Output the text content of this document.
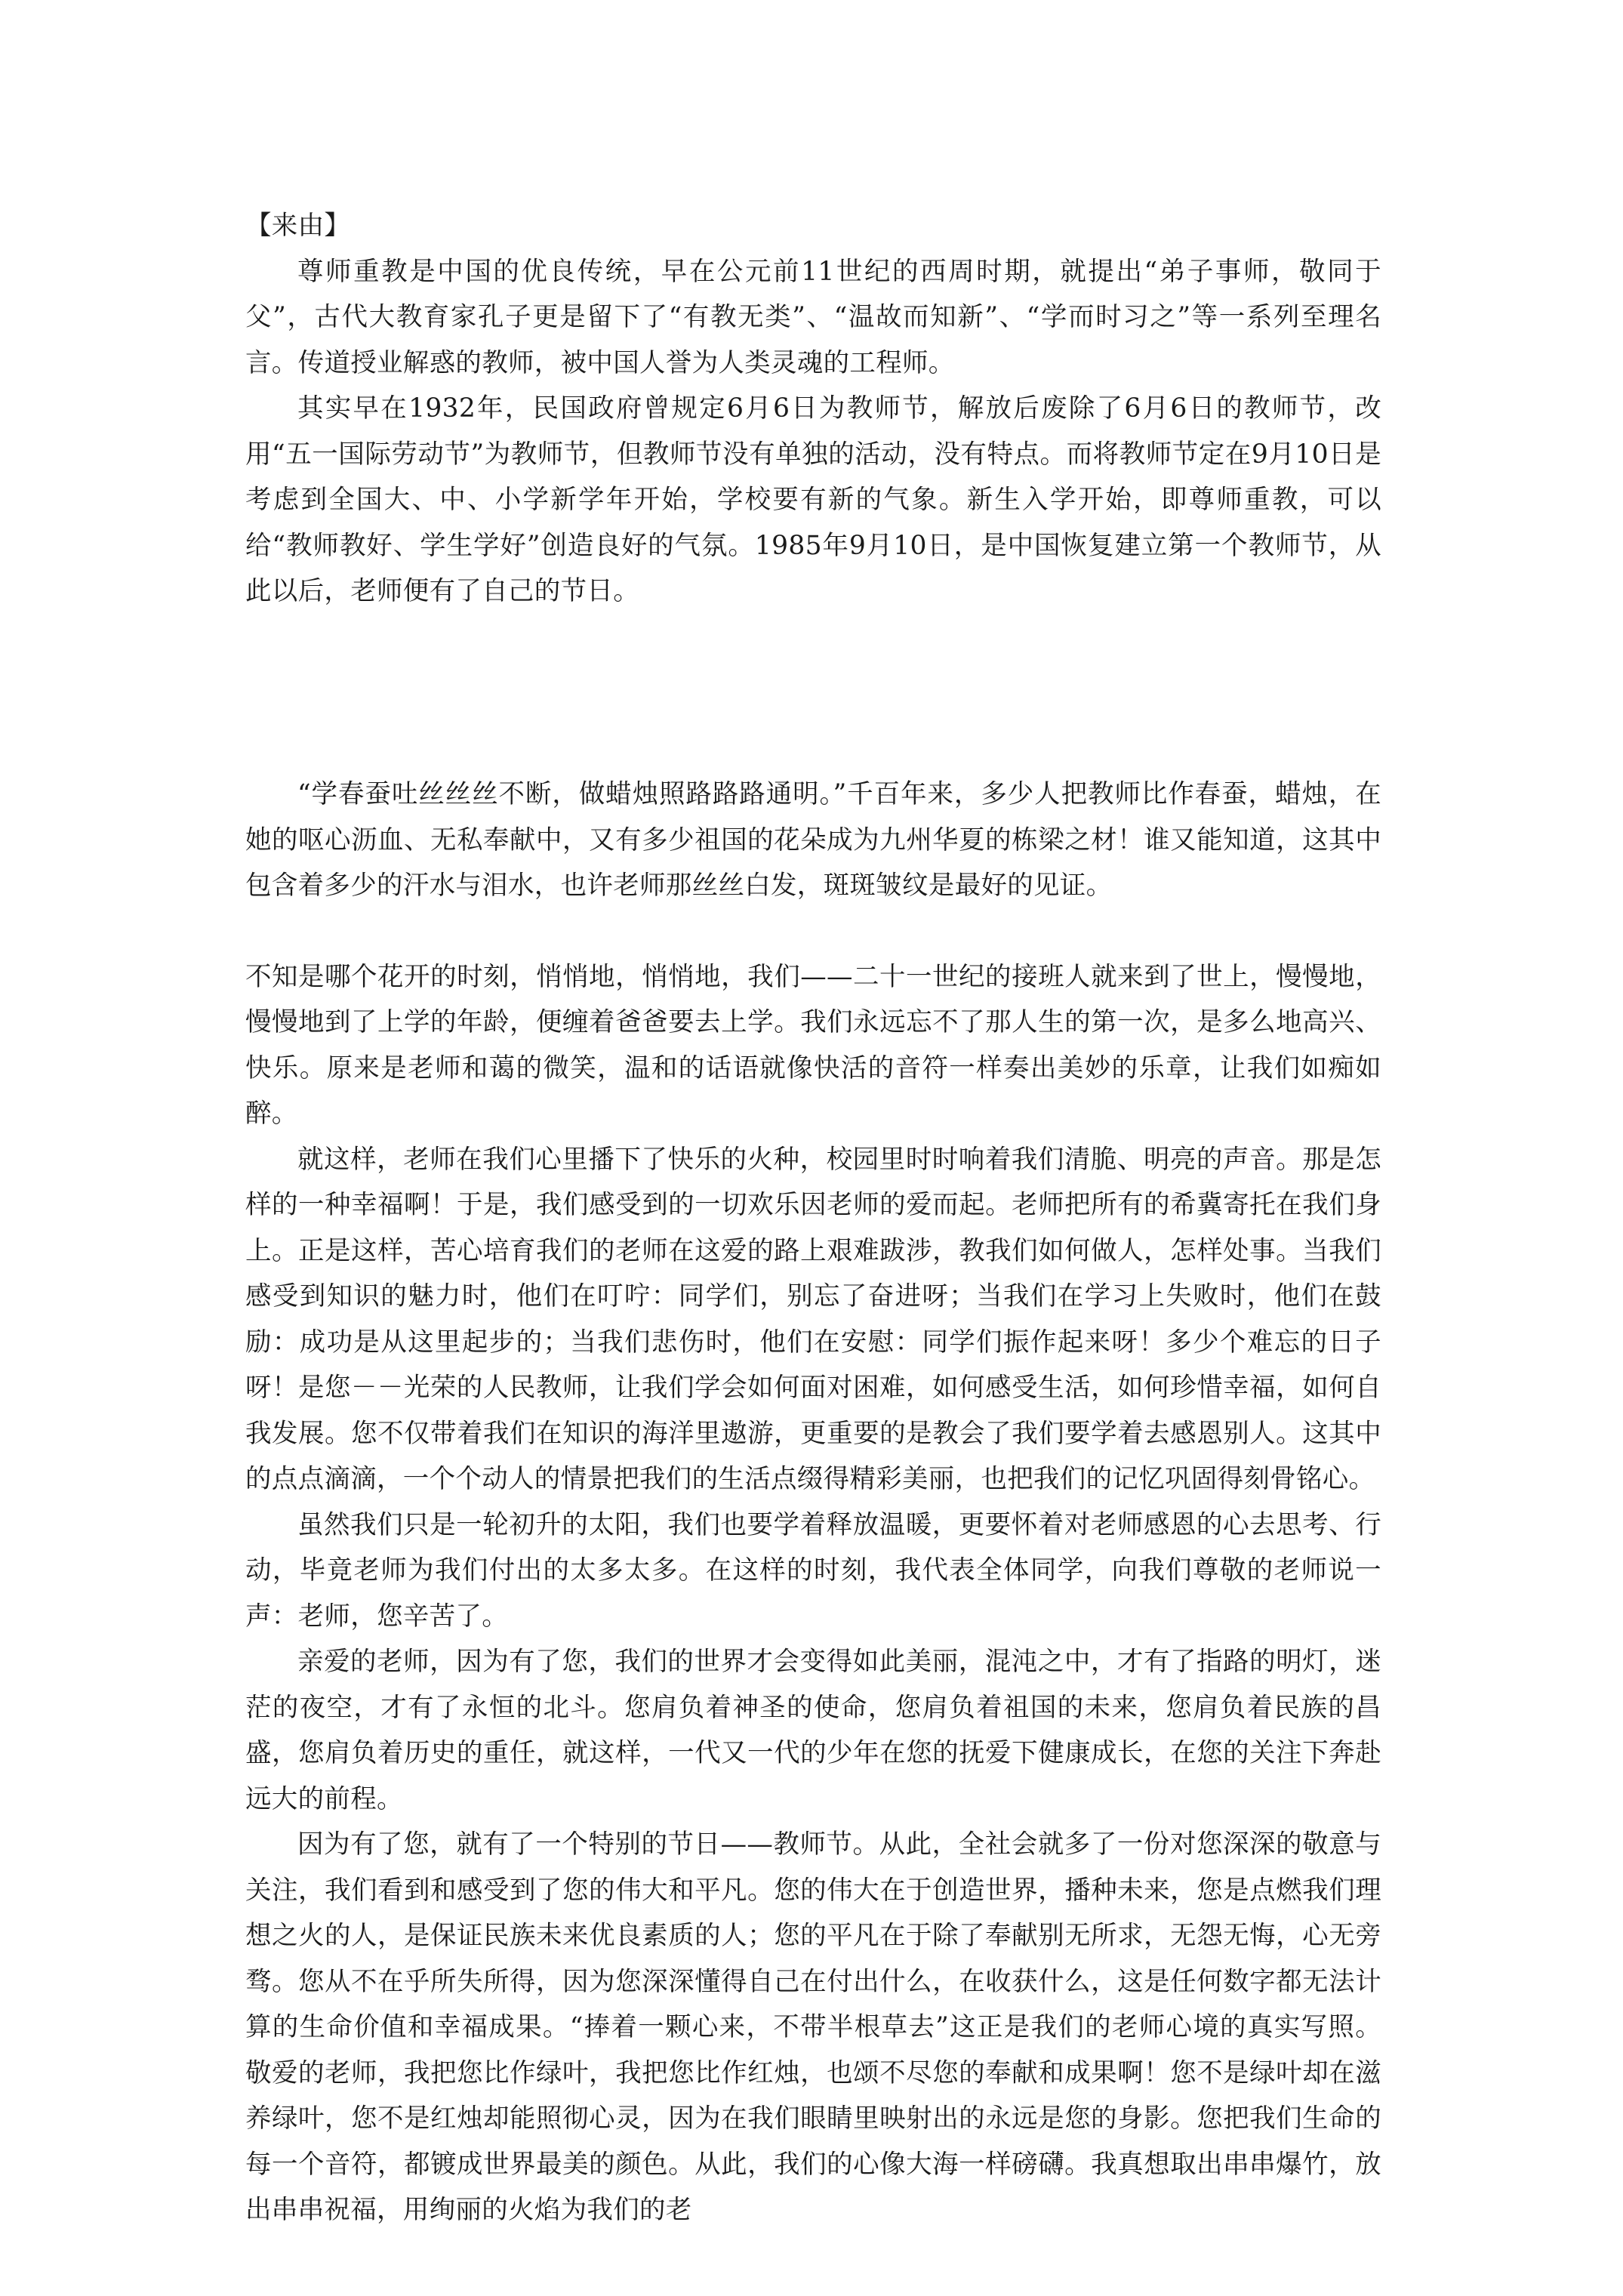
【来由】

尊师重教是中国的优良传统，早在公元前11世纪的西周时期，就提出“弟子事师，敬同于父”，古代大教育家孔子更是留下了“有教无类”、“温故而知新”、“学而时习之”等一系列至理名言。传道授业解惑的教师，被中国人誉为人类灵魂的工程师。

其实早在1932年，民国政府曾规定6月6日为教师节，解放后废除了6月6日的教师节，改用“五一国际劳动节”为教师节，但教师节没有单独的活动，没有特点。而将教师节定在9月10日是考虑到全国大、中、小学新学年开始，学校要有新的气象。新生入学开始，即尊师重教，可以给“教师教好、学生学好”创造良好的气氛。1985年9月10日，是中国恢复建立第一个教师节，从此以后，老师便有了自己的节日。

“学春蚕吐丝丝丝不断，做蜡烛照路路路通明。”千百年来，多少人把教师比作春蚕，蜡烛，在她的呕心沥血、无私奉献中，又有多少祖国的花朵成为九州华夏的栋梁之材！谁又能知道，这其中包含着多少的汗水与泪水，也许老师那丝丝白发，斑斑皱纹是最好的见证。

不知是哪个花开的时刻，悄悄地，悄悄地，我们——二十一世纪的接班人就来到了世上，慢慢地，慢慢地到了上学的年龄，便缠着爸爸要去上学。我们永远忘不了那人生的第一次，是多么地高兴、快乐。原来是老师和蔼的微笑，温和的话语就像快活的音符一样奏出美妙的乐章，让我们如痴如醉。

就这样，老师在我们心里播下了快乐的火种，校园里时时响着我们清脆、明亮的声音。那是怎样的一种幸福啊！于是，我们感受到的一切欢乐因老师的爱而起。老师把所有的希冀寄托在我们身上。正是这样，苦心培育我们的老师在这爱的路上艰难跋涉，教我们如何做人，怎样处事。当我们感受到知识的魅力时，他们在叮咛：同学们，别忘了奋进呀；当我们在学习上失败时，他们在鼓励：成功是从这里起步的；当我们悲伤时，他们在安慰：同学们振作起来呀！多少个难忘的日子呀！是您－－光荣的人民教师，让我们学会如何面对困难，如何感受生活，如何珍惜幸福，如何自我发展。您不仅带着我们在知识的海洋里遨游，更重要的是教会了我们要学着去感恩别人。这其中的点点滴滴，一个个动人的情景把我们的生活点缀得精彩美丽，也把我们的记忆巩固得刻骨铭心。

虽然我们只是一轮初升的太阳，我们也要学着释放温暖，更要怀着对老师感恩的心去思考、行动，毕竟老师为我们付出的太多太多。在这样的时刻，我代表全体同学，向我们尊敬的老师说一声：老师，您辛苦了。

亲爱的老师，因为有了您，我们的世界才会变得如此美丽，混沌之中，才有了指路的明灯，迷茫的夜空，才有了永恒的北斗。您肩负着神圣的使命，您肩负着祖国的未来，您肩负着民族的昌盛，您肩负着历史的重任，就这样，一代又一代的少年在您的抚爱下健康成长，在您的关注下奔赴远大的前程。

因为有了您，就有了一个特别的节日——教师节。从此，全社会就多了一份对您深深的敬意与关注，我们看到和感受到了您的伟大和平凡。您的伟大在于创造世界，播种未来，您是点燃我们理想之火的人，是保证民族未来优良素质的人；您的平凡在于除了奉献别无所求，无怨无悔，心无旁骛。您从不在乎所失所得，因为您深深懂得自己在付出什么，在收获什么，这是任何数字都无法计算的生命价值和幸福成果。“捧着一颗心来，不带半根草去”这正是我们的老师心境的真实写照。 敬爱的老师，我把您比作绿叶，我把您比作红烛，也颂不尽您的奉献和成果啊！您不是绿叶却在滋养绿叶，您不是红烛却能照彻心灵，因为在我们眼睛里映射出的永远是您的身影。您把我们生命的每一个音符，都镀成世界最美的颜色。从此，我们的心像大海一样磅礴。我真想取出串串爆竹，放出串串祝福，用绚丽的火焰为我们的老
